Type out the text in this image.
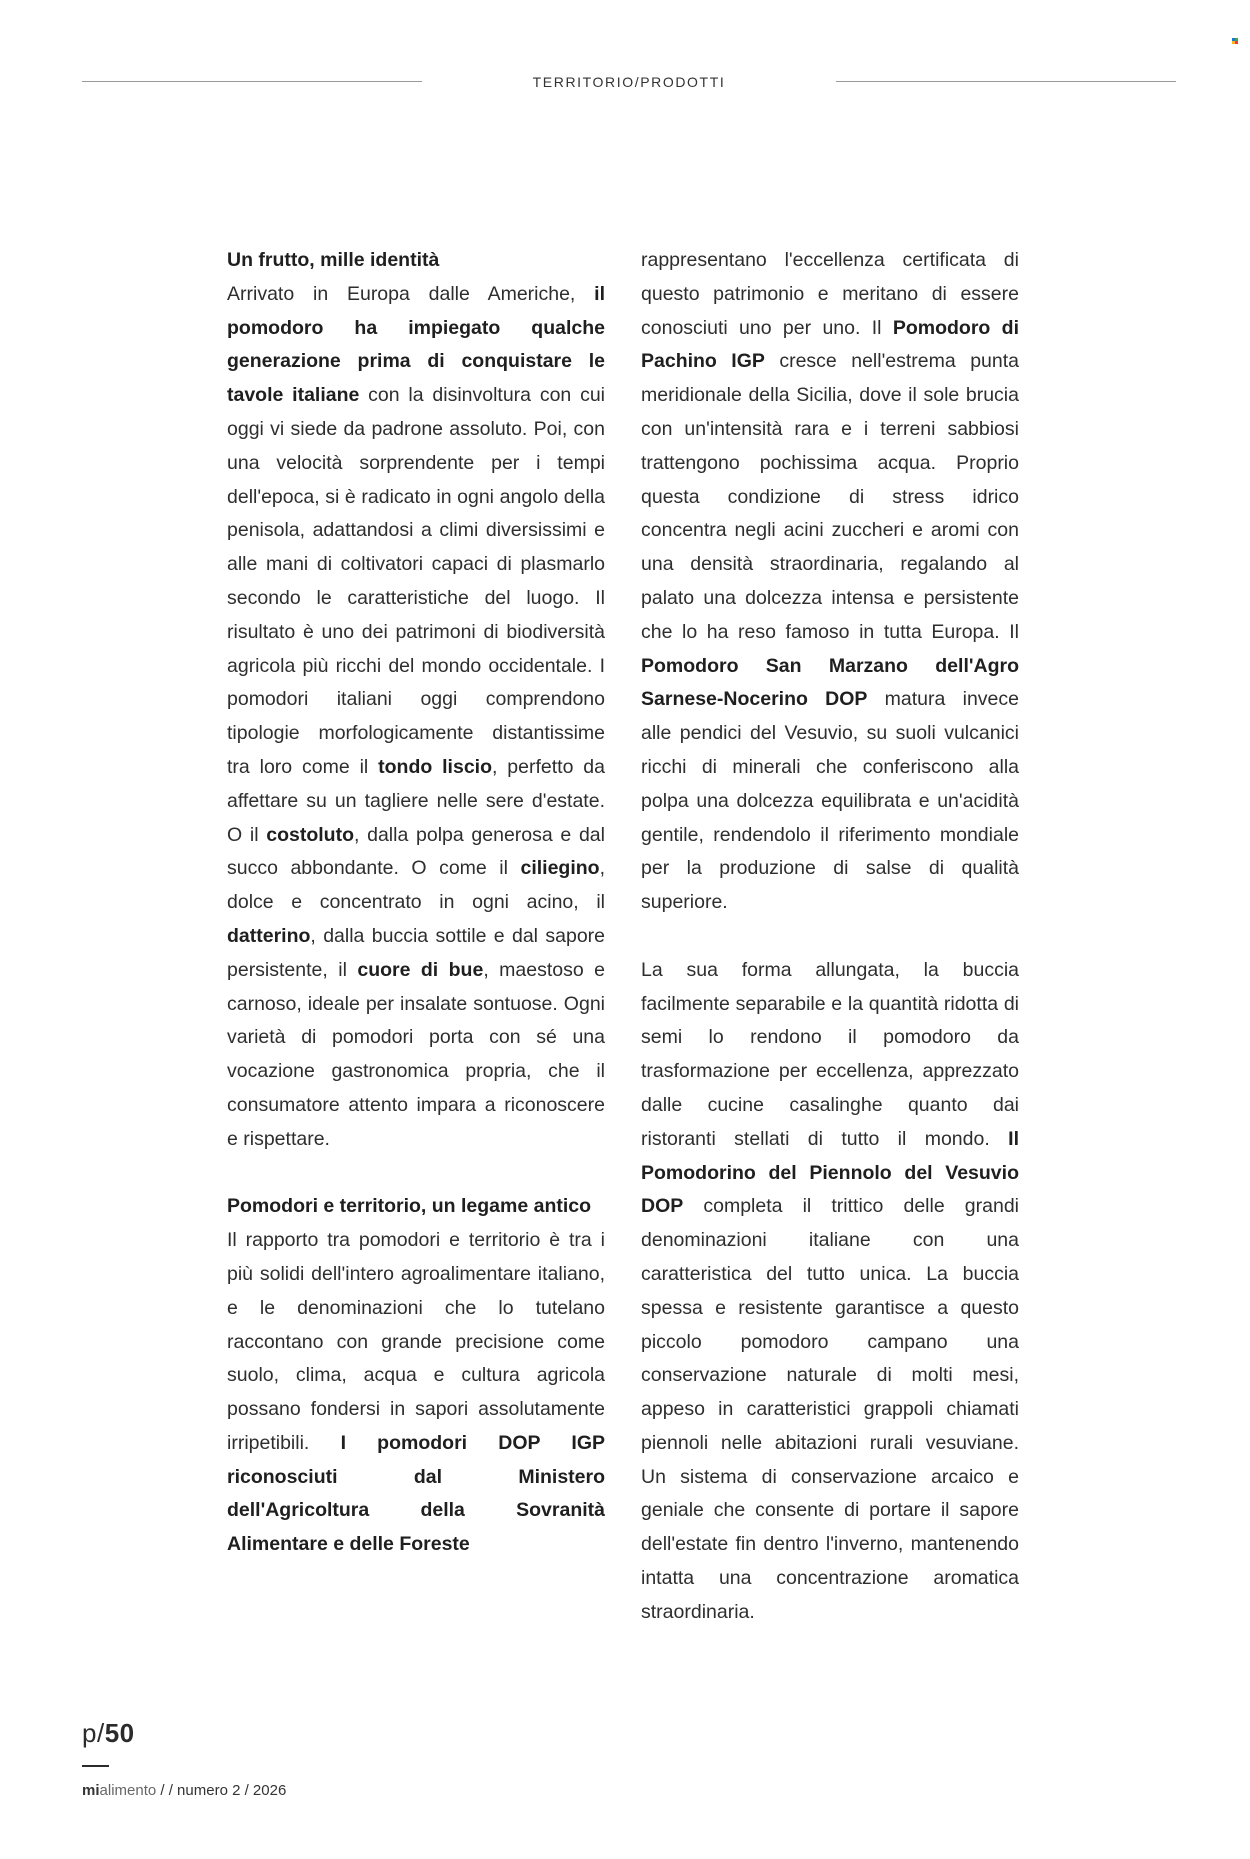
TERRITORIO/PRODOTTI
Un frutto, mille identità

Arrivato in Europa dalle Americhe, il pomodoro ha impiegato qualche generazione prima di conquistare le tavole italiane con la disinvoltura con cui oggi vi siede da padrone assoluto. Poi, con una velocità sorprendente per i tempi dell'epoca, si è radicato in ogni angolo della penisola, adattandosi a climi diversissimi e alle mani di coltivatori capaci di plasmarlo secondo le caratteristiche del luogo. Il risultato è uno dei patrimoni di biodiversità agricola più ricchi del mondo occidentale. I pomodori italiani oggi comprendono tipologie morfologicamente distantissime tra loro come il tondo liscio, perfetto da affettare su un tagliere nelle sere d'estate. O il costoluto, dalla polpa generosa e dal succo abbondante. O come il ciliegino, dolce e concentrato in ogni acino, il datterino, dalla buccia sottile e dal sapore persistente, il cuore di bue, maestoso e carnoso, ideale per insalate sontuose. Ogni varietà di pomodori porta con sé una vocazione gastronomica propria, che il consumatore attento impara a riconoscere e rispettare.

Pomodori e territorio, un legame antico

Il rapporto tra pomodori e territorio è tra i più solidi dell'intero agroalimentare italiano, e le denominazioni che lo tutelano raccontano con grande precisione come suolo, clima, acqua e cultura agricola possano fondersi in sapori assolutamente irripetibili. I pomodori DOP IGP riconosciuti dal Ministero dell'Agricoltura della Sovranità Alimentare e delle Foreste

rappresentano l'eccellenza certificata di questo patrimonio e meritano di essere conosciuti uno per uno. Il Pomodoro di Pachino IGP cresce nell'estrema punta meridionale della Sicilia, dove il sole brucia con un'intensità rara e i terreni sabbiosi trattengono pochissima acqua. Proprio questa condizione di stress idrico concentra negli acini zuccheri e aromi con una densità straordinaria, regalando al palato una dolcezza intensa e persistente che lo ha reso famoso in tutta Europa. Il Pomodoro San Marzano dell'Agro Sarnese-Nocerino DOP matura invece alle pendici del Vesuvio, su suoli vulcanici ricchi di minerali che conferiscono alla polpa una dolcezza equilibrata e un'acidità gentile, rendendolo il riferimento mondiale per la produzione di salse di qualità superiore.

La sua forma allungata, la buccia facilmente separabile e la quantità ridotta di semi lo rendono il pomodoro da trasformazione per eccellenza, apprezzato dalle cucine casalinghe quanto dai ristoranti stellati di tutto il mondo. Il Pomodorino del Piennolo del Vesuvio DOP completa il trittico delle grandi denominazioni italiane con una caratteristica del tutto unica. La buccia spessa e resistente garantisce a questo piccolo pomodoro campano una conservazione naturale di molti mesi, appeso in caratteristici grappoli chiamati piennoli nelle abitazioni rurali vesuviane. Un sistema di conservazione arcaico e geniale che consente di portare il sapore dell'estate fin dentro l'inverno, mantenendo intatta una concentrazione aromatica straordinaria.

p/50
mialimento / / numero 2 / 2026
